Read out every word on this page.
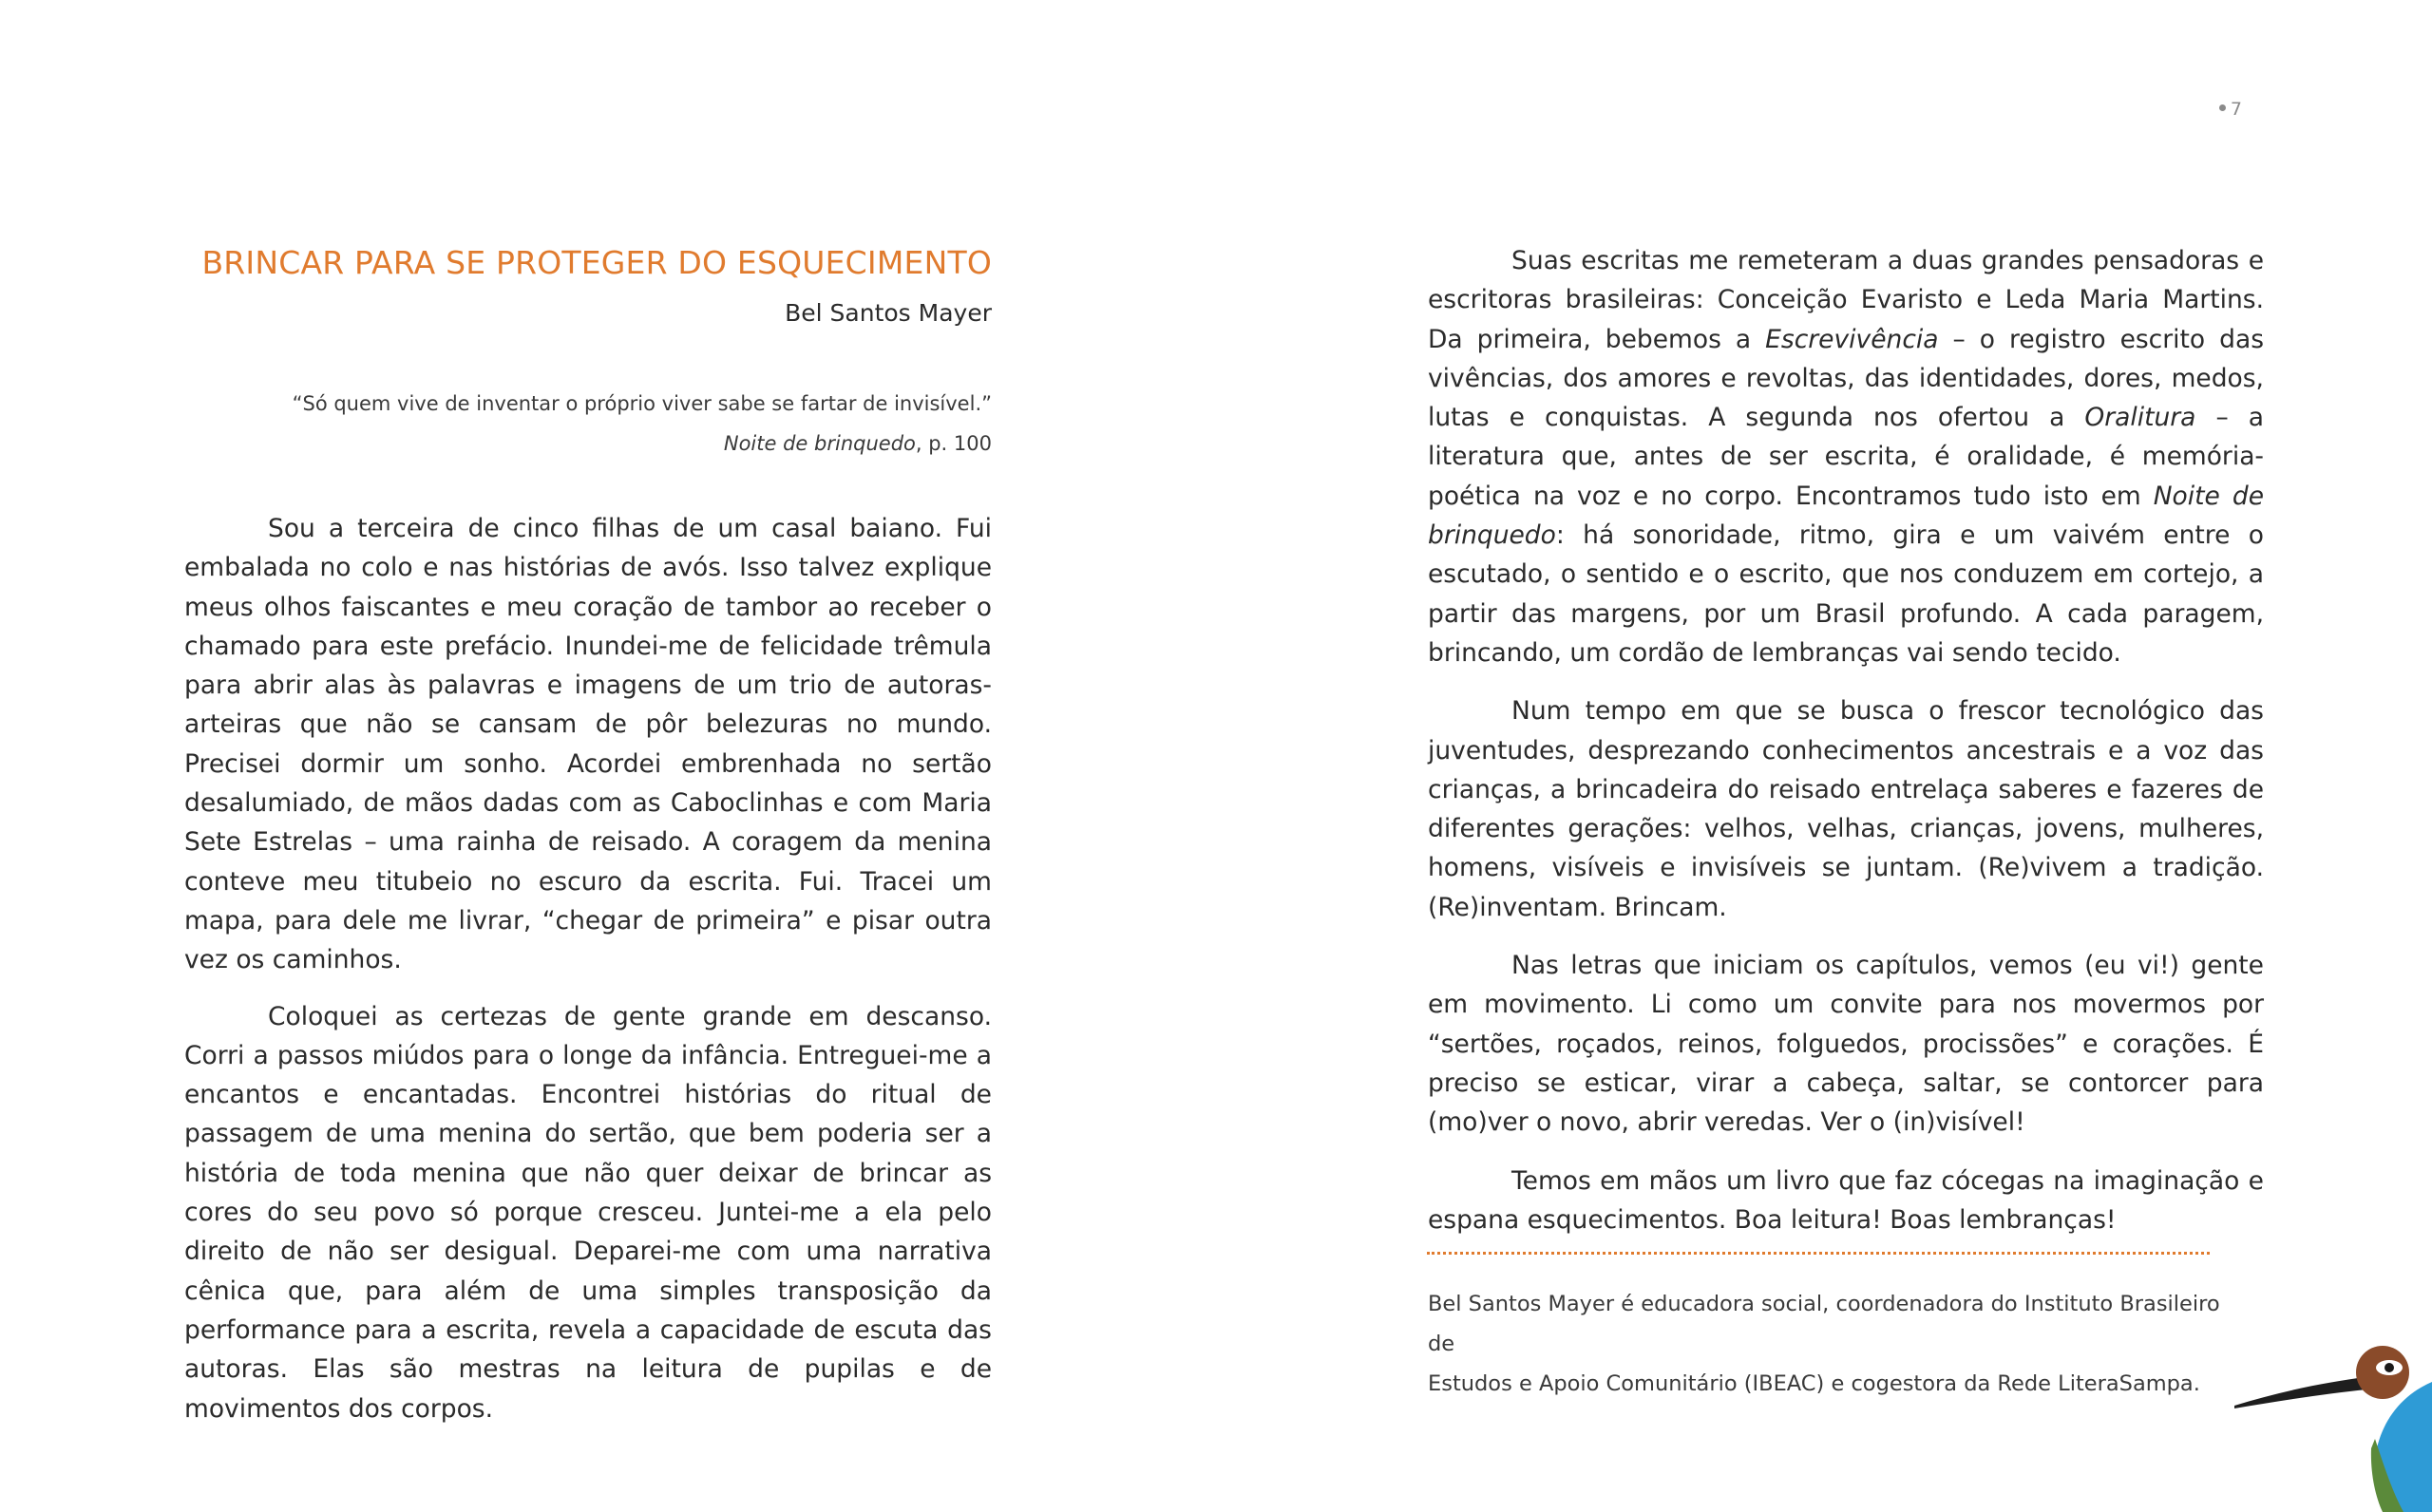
7
BRINCAR PARA SE PROTEGER DO ESQUECIMENTO
Bel Santos Mayer
“Só quem vive de inventar o próprio viver sabe se fartar de invisível.”
Noite de brinquedo, p. 100

Sou a terceira de cinco filhas de um casal baiano. Fui embalada no colo e nas histórias de avós. Isso talvez explique meus olhos faiscantes e meu coração de tambor ao receber o chamado para este prefácio. Inundei-me de felicidade trêmula para abrir alas às palavras e imagens de um trio de autoras-arteiras que não se cansam de pôr belezuras no mundo. Precisei dormir um sonho. Acordei embrenhada no sertão desalumiado, de mãos dadas com as Caboclinhas e com Maria Sete Estrelas – uma rainha de reisado. A coragem da menina conteve meu titubeio no escuro da escrita. Fui. Tracei um mapa, para dele me livrar, “chegar de primeira” e pisar outra vez os caminhos.

Coloquei as certezas de gente grande em descanso. Corri a passos miúdos para o longe da infância. Entreguei-me a encantos e encantadas. Encontrei histórias do ritual de passagem de uma menina do sertão, que bem poderia ser a história de toda menina que não quer deixar de brincar as cores do seu povo só porque cresceu. Juntei-me a ela pelo direito de não ser desigual. Deparei-me com uma narrativa cênica que, para além de uma simples transposição da performance para a escrita, revela a capacidade de escuta das autoras. Elas são mestras na leitura de pupilas e de movimentos dos corpos.

Suas escritas me remeteram a duas grandes pensadoras e escritoras brasileiras: Conceição Evaristo e Leda Maria Martins. Da primeira, bebemos a Escrevivência – o registro escrito das vivências, dos amores e revoltas, das identidades, dores, medos, lutas e conquistas. A segunda nos ofertou a Oralitura – a literatura que, antes de ser escrita, é oralidade, é memória-poética na voz e no corpo. Encontramos tudo isto em Noite de brinquedo: há sonoridade, ritmo, gira e um vaivém entre o escutado, o sentido e o escrito, que nos conduzem em cortejo, a partir das margens, por um Brasil profundo. A cada paragem, brincando, um cordão de lembranças vai sendo tecido.

Num tempo em que se busca o frescor tecnológico das juventudes, desprezando conhecimentos ancestrais e a voz das crianças, a brincadeira do reisado entrelaça saberes e fazeres de diferentes gerações: velhos, velhas, crianças, jovens, mulheres, homens, visíveis e invisíveis se juntam. (Re)vivem a tradição. (Re)inventam. Brincam.

Nas letras que iniciam os capítulos, vemos (eu vi!) gente em movimento. Li como um convite para nos movermos por “sertões, roçados, reinos, folguedos, procissões” e corações. É preciso se esticar, virar a cabeça, saltar, se contorcer para (mo)ver o novo, abrir veredas. Ver o (in)visível!

Temos em mãos um livro que faz cócegas na imaginação e espana esquecimentos. Boa leitura! Boas lembranças!

Bel Santos Mayer é educadora social, coordenadora do Instituto Brasileiro de
Estudos e Apoio Comunitário (IBEAC) e cogestora da Rede LiteraSampa.
